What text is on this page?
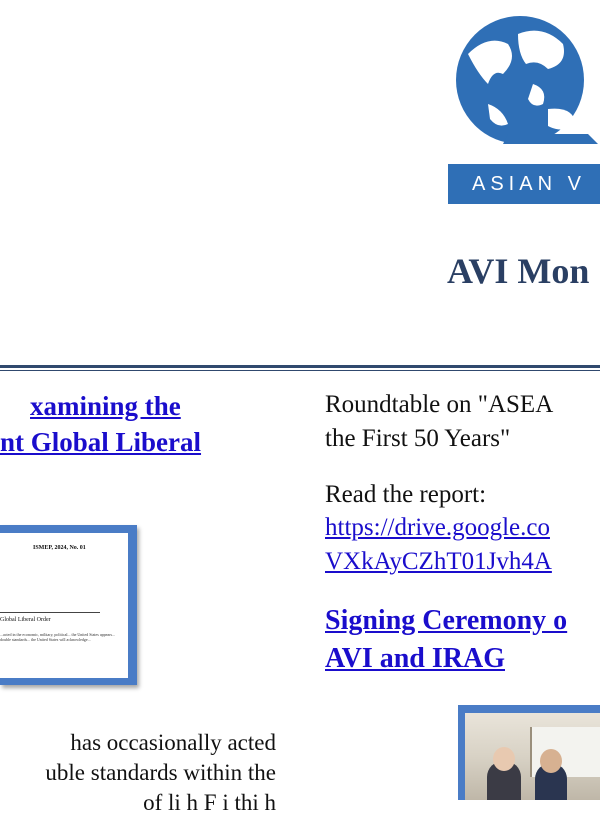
ASIAN V
AVI Mon
xamining the
nt Global Liberal
ISMEP, 2024, No. 01
Global Liberal Order
...acted in the economic, military, political... the United States appears... double standards... the United States will acknowledge...
has occasionally acted
uble standards within the
of li h F i thi h
Roundtable on "ASEA
the First 50 Years"
Read the report:
https://drive.google.co
VXkAyCZhT01Jvh4A
Signing Ceremony o
AVI and IRAG
